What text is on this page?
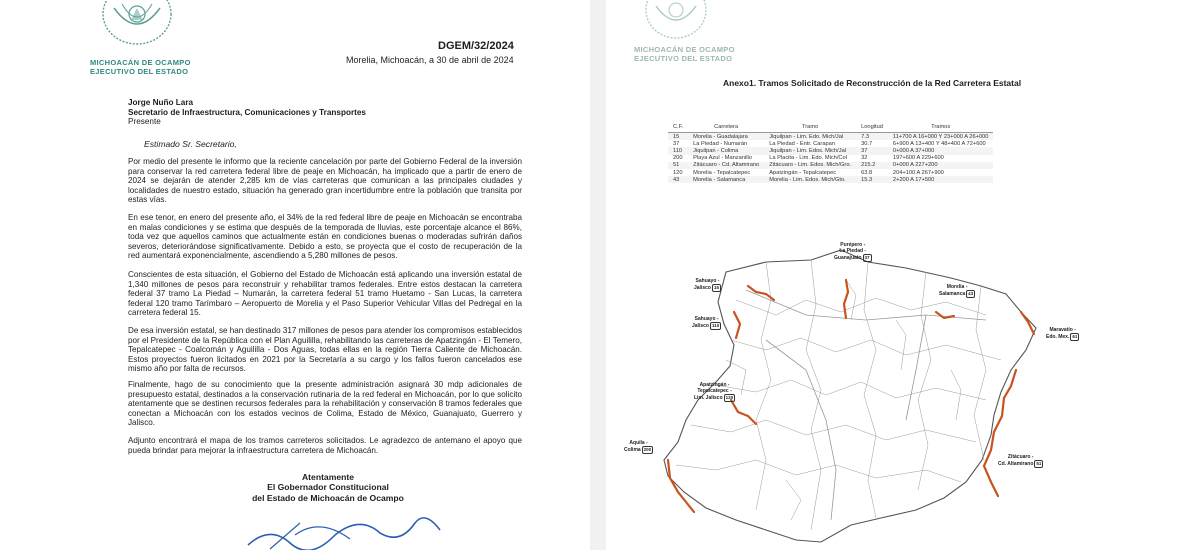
MICHOACÁN DE OCAMPO
EJECUTIVO DEL ESTADO
DGEM/32/2024
Morelia, Michoacán, a 30 de abril de 2024
Jorge Nuño Lara
Secretario de Infraestructura, Comunicaciones y Transportes
Presente
Estimado Sr. Secretario,

Por medio del presente le informo que la reciente cancelación por parte del Gobierno Federal de la inversión para conservar la red carretera federal libre de peaje en Michoacán, ha implicado que a partir de enero de 2024 se dejarán de atender 2,285 km de vías carreteras que comunican a las principales ciudades y localidades de nuestro estado, situación ha generado gran incertidumbre entre la población que transita por estas vías.

En ese tenor, en enero del presente año, el 34% de la red federal libre de peaje en Michoacán se encontraba en malas condiciones y se estima que después de la temporada de lluvias, este porcentaje alcance el 86%, toda vez que aquellos caminos que actualmente están en condiciones buenas o moderadas sufrirán daños severos, deteriorándose significativamente. Debido a esto, se proyecta que el costo de recuperación de la red aumentará exponencialmente, ascendiendo a 5,280 millones de pesos.

Conscientes de esta situación, el Gobierno del Estado de Michoacán está aplicando una inversión estatal de 1,340 millones de pesos para reconstruir y rehabilitar tramos federales. Entre estos destacan la carretera federal 37 tramo La Piedad – Numarán, la carretera federal 51 tramo Huetamo - San Lucas, la carretera federal 120 tramo Tarímbaro – Aeropuerto de Morelia y el Paso Superior Vehicular Villas del Pedregal en la carretera federal 15.

De esa inversión estatal, se han destinado 317 millones de pesos para atender los compromisos establecidos por el Presidente de la República con el Plan Aguililla, rehabilitando las carreteras de Apatzingán - El Temero, Tepalcatepec - Coalcomán y Aguililla - Dos Aguas, todas ellas en la región Tierra Caliente de Michoacán. Estos proyectos fueron licitados en 2021 por la Secretaría a su cargo y los fallos fueron cancelados ese mismo año por falta de recursos.

Finalmente, hago de su conocimiento que la presente administración asignará 30 mdp adicionales de presupuesto estatal, destinados a la conservación rutinaria de la red federal en Michoacán, por lo que solicito atentamente que se destinen recursos federales para la rehabilitación y conservación 8 tramos federales que conectan a Michoacán con los estados vecinos de Colima, Estado de México, Guanajuato, Guerrero y Jalisco.

Adjunto encontrará el mapa de los tramos carreteros solicitados. Le agradezco de antemano el apoyo que pueda brindar para mejorar la infraestructura carretera de Michoacán.

Atentamente
El Gobernador Constitucional
del Estado de Michoacán de Ocampo
MICHOACÁN DE OCAMPO
EJECUTIVO DEL ESTADO
Anexo1. Tramos Solicitado de Reconstrucción de la Red Carretera Estatal
C.F.	Carretera	Tramo	Longitud	Tramos
15	Morelia - Guadalajara	Jiquilpan - Lim. Edo. Mich/Jal	7.3	11+700 A 16+000 Y 23+000 A 26+000
37	La Piedad - Numarán	La Piedad - Entr. Carapan	30.7	6+900 A 13+400 Y 48+400 A 72+600
110	Jiquilpan - Colima	Jiquilpan - Lim. Edos. Mich/Jal	37	0+000 A 37+000
200	Playa Azul - Manzanillo	La Placita - Lim. Edo. Mich/Col	32	197+600 A 229+600
51	Zitácuaro - Cd. Altamirano	Zitácuaro - Lim. Edos. Mich/Gro.	215.2	0+000 A 227+200
120	Morelia - Tepalcatepec	Apatzingán - Tepalcatepec	63.8	204+100 A 267+900
43	Morelia - Salamanca	Morelia - Lim. Edos. Mich/Gto.	15.3	2+200 A 17+500
Sahuayo -
Jalisco 15
Sahuayo -
Jalisco 110
Purépero -
La Piedad -
Guanajuato 37
Morelia -
Salamanca 43
Maravatío -
Edo. Mex. 61
Apatzingán -
Tepalcatepec -
Lim. Jalisco 120
Aquila -
Colima 200
Zitácuaro -
Cd. Altamirano 51
